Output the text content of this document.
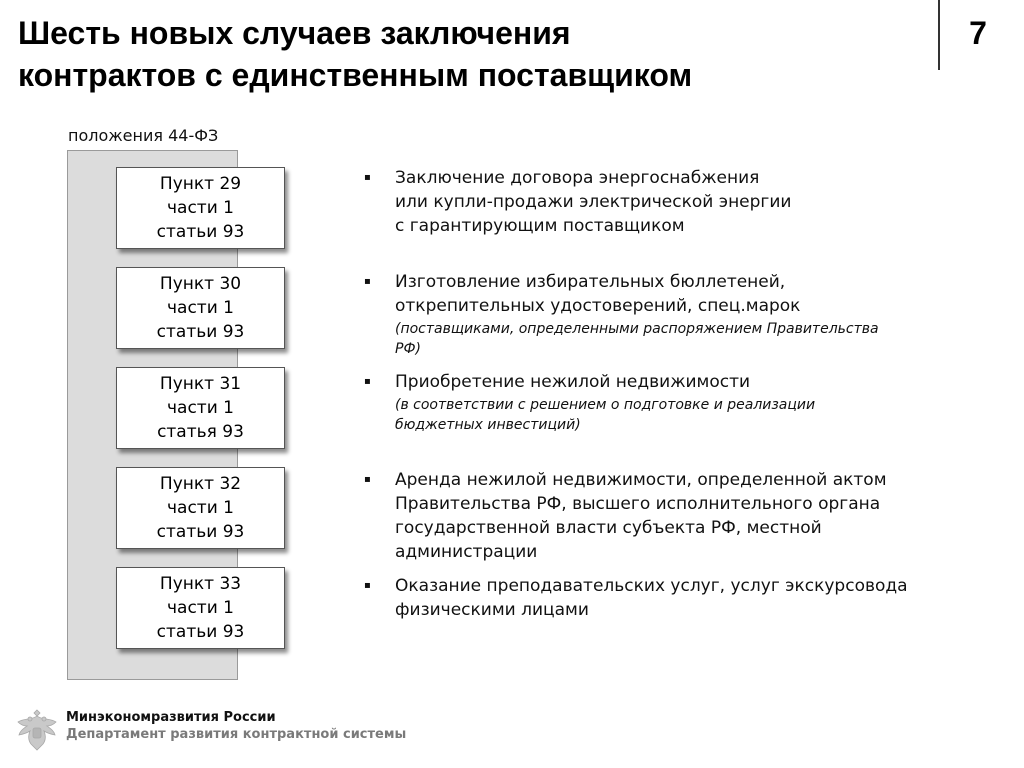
Шесть новых случаев заключения
контрактов с единственным поставщиком
7
положения 44-ФЗ
Пункт 29
части 1
статьи 93
Пункт 30
части 1
статьи 93
Пункт 31
части 1
статья 93
Пункт 32
части 1
статьи 93
Пункт 33
части 1
статьи 93
▪ Заключение договора энергоснабжения
или купли-продажи электрической энергии
с гарантирующим поставщиком
▪ Изготовление избирательных бюллетеней,
открепительных удостоверений, спец.марок
(поставщиками, определенными распоряжением Правительства
РФ)
▪ Приобретение нежилой недвижимости
(в соответствии с решением о подготовке и реализации
бюджетных инвестиций)
▪ Аренда нежилой недвижимости, определенной актом
Правительства РФ, высшего исполнительного органа
государственной власти субъекта РФ, местной
администрации
▪ Оказание преподавательских услуг, услуг экскурсовода
физическими лицами
Минэкономразвития России
Департамент развития контрактной системы
